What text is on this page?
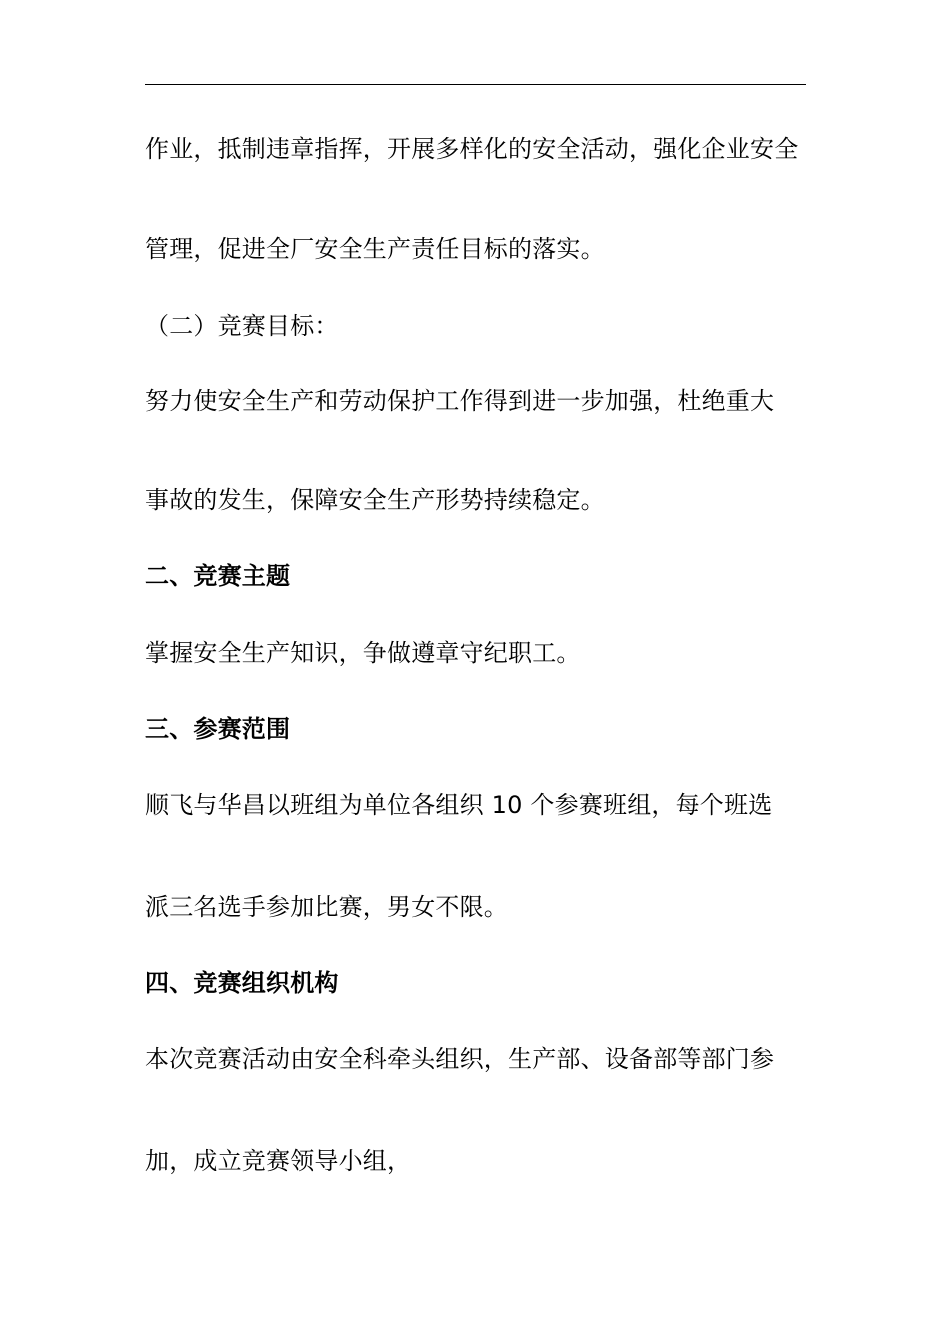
作业，抵制违章指挥，开展多样化的安全活动，强化企业安全
管理，促进全厂安全生产责任目标的落实。
（二）竞赛目标：
努力使安全生产和劳动保护工作得到进一步加强，杜绝重大
事故的发生，保障安全生产形势持续稳定。
二、竞赛主题
掌握安全生产知识，争做遵章守纪职工。
三、参赛范围
顺飞与华昌以班组为单位各组织 10 个参赛班组，每个班选
派三名选手参加比赛，男女不限。
四、竞赛组织机构
本次竞赛活动由安全科牵头组织，生产部、设备部等部门参
加，成立竞赛领导小组，
